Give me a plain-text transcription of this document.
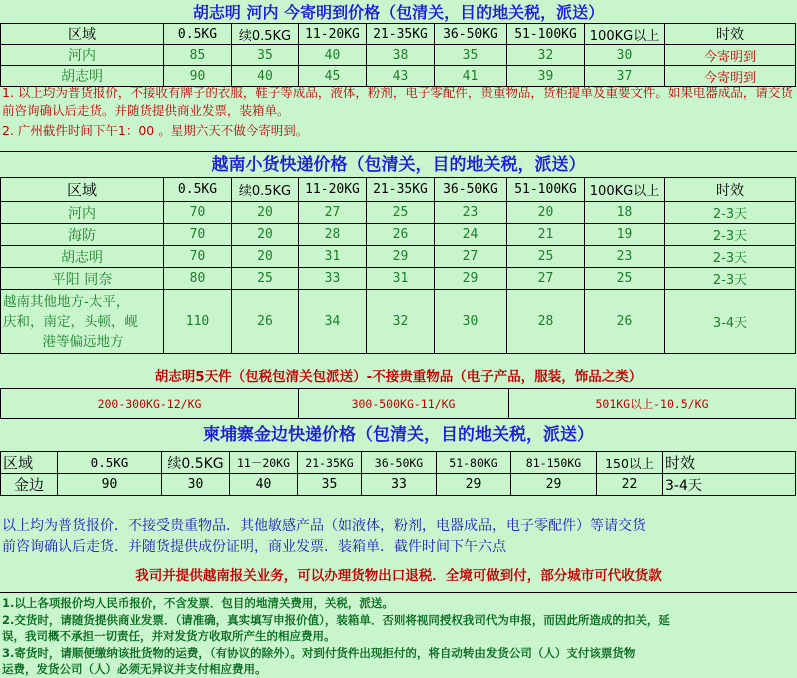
胡志明 河内 今寄明到价格（包清关，目的地关税，派送）
区域	0.5KG	续0.5KG	11-20KG	21-35KG	36-50KG	51-100KG	100KG以上	时效
河内	85	35	40	38	35	32	30	今寄明到
胡志明	90	40	45	43	41	39	37	今寄明到
1. 以上均为普货报价，不接收有牌子的衣服，鞋子等成品，液体，粉剂，电子零配件，贵重物品，货柜提单及重要文件。如果电器成品，请交货前咨询确认后走货。并随货提供商业发票，装箱单。
2. 广州截件时间下午1：00 。星期六天不做今寄明到。
越南小货快递价格（包清关，目的地关税，派送）
区域	0.5KG	续0.5KG	11-20KG	21-35KG	36-50KG	51-100KG	100KG以上	时效
河内	70	20	27	25	23	20	18	2-3天
海防	70	20	28	26	24	21	19	2-3天
胡志明	70	20	31	29	27	25	23	2-3天
平阳 同奈	80	25	33	31	29	27	25	2-3天

越南其他地方-太平，
庆和，南定，头顿，岘
港等偏远地方	110	26	34	32	30	28	26	3-4天
胡志明5天件（包税包清关包派送）-不接贵重物品（电子产品，服装，饰品之类）
200-300KG-12/KG	300-500KG-11/KG	501KG以上-10.5/KG
柬埔寨金边快递价格（包清关，目的地关税，派送）
区域	0.5KG	续0.5KG	11－20KG	21-35KG	36-50KG	51-80KG	81-150KG	150以上	时效
金边	90	30	40	35	33	29	29	22	3-4天
以上均为普货报价．不接受贵重物品．其他敏感产品（如液体，粉剂，电器成品，电子零配件）等请交货
前咨询确认后走货．并随货提供成份证明，商业发票．装箱单．截件时间下午六点
我司并提供越南报关业务，可以办理货物出口退税．全境可做到付，部分城市可代收货款
1.以上各项报价均人民币报价，不含发票．包目的地清关费用，关税，派送。
2.交货时，请随货提供商业发票．（请准确，真实填写申报价值），装箱单．否则将视同授权我司代为申报，而因此所造成的扣关，延
误，我司概不承担一切责任，并对发货方收取所产生的相应费用。
3.寄货时，请顺便缴纳该批货物的运费，（有协议的除外）。对到付货件出现拒付的，将自动转由发货公司（人）支付该票货物
运费，发货公司（人）必须无异议并支付相应费用。
